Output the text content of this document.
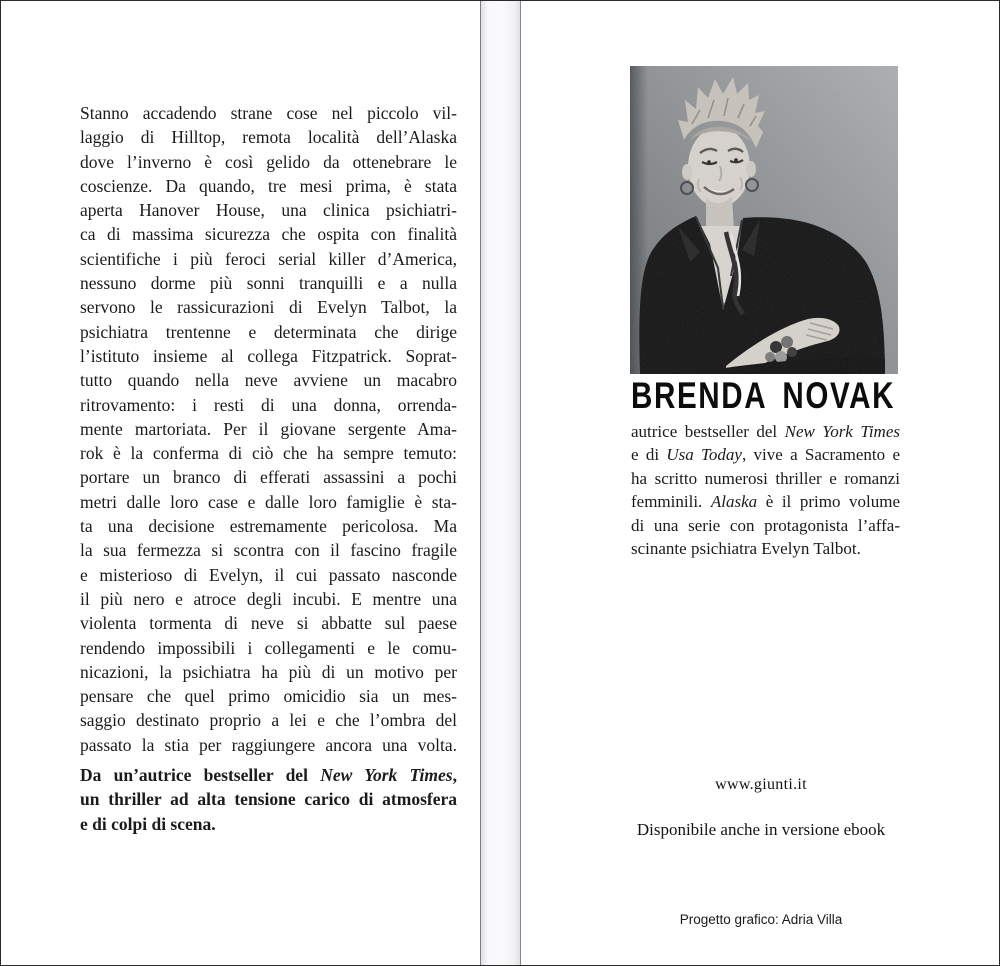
Stanno accadendo strane cose nel piccolo vil-
laggio di Hilltop, remota località dell’Alaska
dove l’inverno è così gelido da ottenebrare le
coscienze. Da quando, tre mesi prima, è stata
aperta Hanover House, una clinica psichiatri-
ca di massima sicurezza che ospita con finalità
scientifiche i più feroci serial killer d’America,
nessuno dorme più sonni tranquilli e a nulla
servono le rassicurazioni di Evelyn Talbot, la
psichiatra trentenne e determinata che dirige
l’istituto insieme al collega Fitzpatrick. Soprat-
tutto quando nella neve avviene un macabro
ritrovamento: i resti di una donna, orrenda-
mente martoriata. Per il giovane sergente Ama-
rok è la conferma di ciò che ha sempre temuto:
portare un branco di efferati assassini a pochi
metri dalle loro case e dalle loro famiglie è sta-
ta una decisione estremamente pericolosa. Ma
la sua fermezza si scontra con il fascino fragile
e misterioso di Evelyn, il cui passato nasconde
il più nero e atroce degli incubi. E mentre una
violenta tormenta di neve si abbatte sul paese
rendendo impossibili i collegamenti e le comu-
nicazioni, la psichiatra ha più di un motivo per
pensare che quel primo omicidio sia un mes-
saggio destinato proprio a lei e che l’ombra del
passato la stia per raggiungere ancora una volta.
Da un’autrice bestseller del New York Times,
un thriller ad alta tensione carico di atmosfera
e di colpi di scena.
BRENDA NOVAK
autrice bestseller del New York Times
e di Usa Today, vive a Sacramento e
ha scritto numerosi thriller e romanzi
femminili. Alaska è il primo volume
di una serie con protagonista l’affa-
scinante psichiatra Evelyn Talbot.
www.giunti.it
Disponibile anche in versione ebook
Progetto grafico: Adria Villa
